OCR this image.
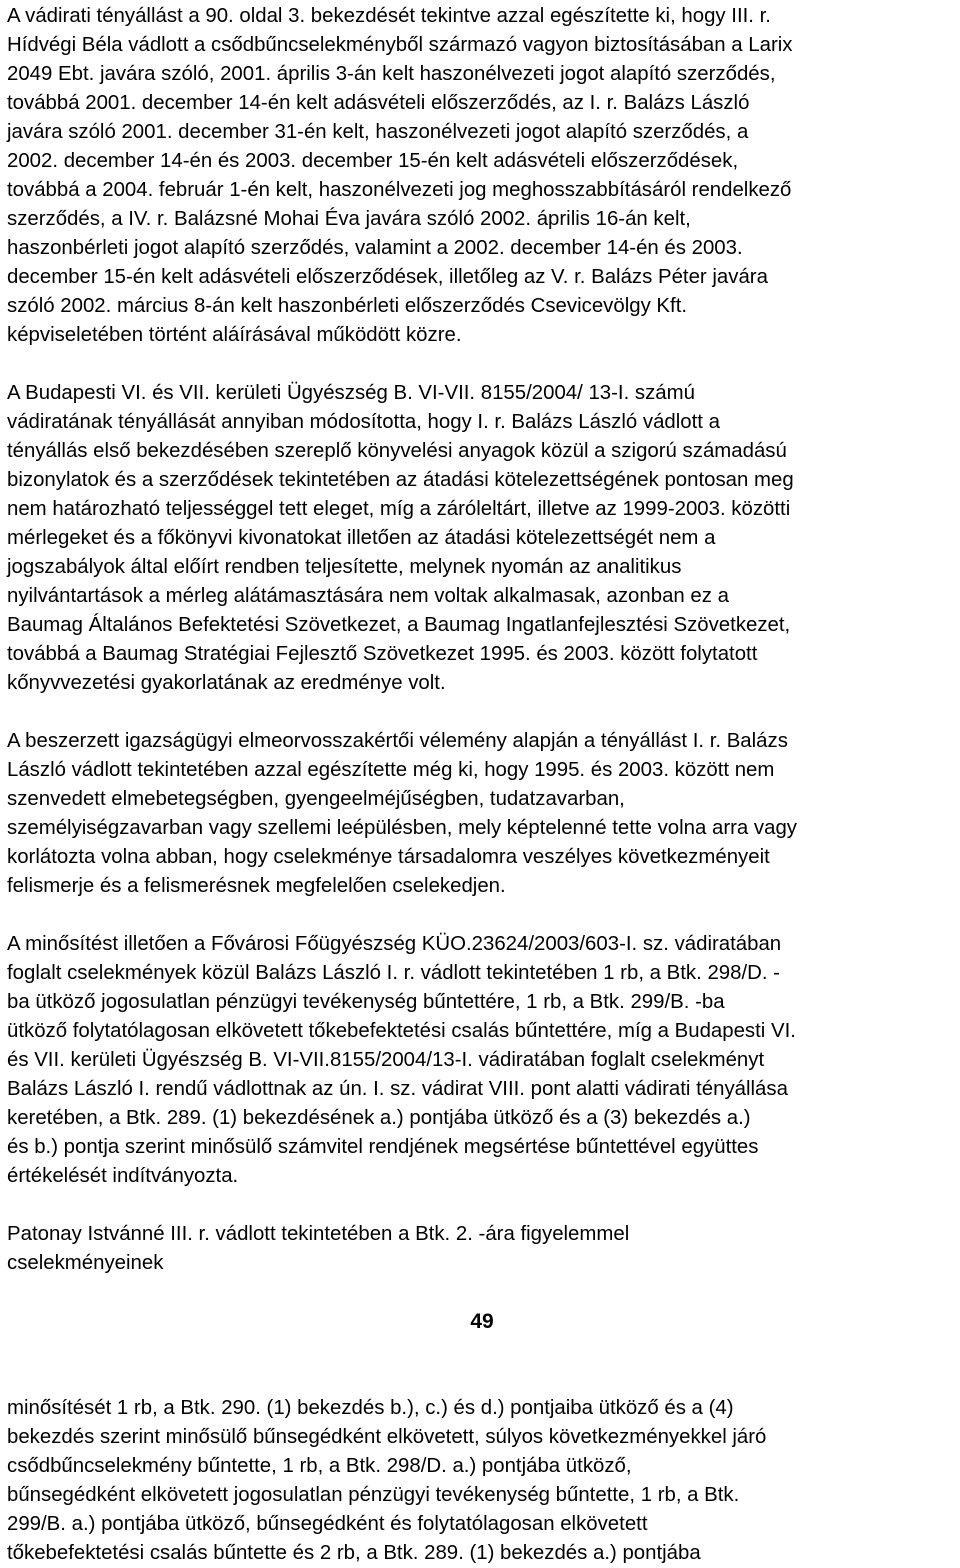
A vádirati tényállást a 90. oldal 3. bekezdését tekintve azzal egészítette ki, hogy III. r.
Hídvégi Béla vádlott a csődbűncselekményből származó vagyon biztosításában a Larix
2049 Ebt. javára szóló, 2001. április 3-án kelt haszonélvezeti jogot alapító szerződés,
továbbá 2001. december 14-én kelt adásvételi előszerződés, az I. r. Balázs László
javára szóló 2001. december 31-én kelt, haszonélvezeti jogot alapító szerződés, a
2002. december 14-én és 2003. december 15-én kelt adásvételi előszerződések,
továbbá a 2004. február 1-én kelt, haszonélvezeti jog meghosszabbításáról rendelkező
szerződés, a IV. r. Balázsné Mohai Éva javára szóló 2002. április 16-án kelt,
haszonbérleti jogot alapító szerződés, valamint a 2002. december 14-én és 2003.
december 15-én kelt adásvételi előszerződések, illetőleg az V. r. Balázs Péter javára
szóló 2002. március 8-án kelt haszonbérleti előszerződés Csevicevölgy Kft.
képviseletében történt aláírásával működött közre.
A Budapesti VI. és VII. kerületi Ügyészség B. VI-VII. 8155/2004/ 13-I. számú
vádiratának tényállását annyiban módosította, hogy I. r. Balázs László vádlott a
tényállás első bekezdésében szereplő könyvelési anyagok közül a szigorú számadású
bizonylatok és a szerződések tekintetében az átadási kötelezettségének pontosan meg
nem határozható teljességgel tett eleget, míg a záróleltárt, illetve az 1999-2003. közötti
mérlegeket és a főkönyvi kivonatokat illetően az átadási kötelezettségét nem a
jogszabályok által előírt rendben teljesítette, melynek nyomán az analitikus
nyilvántartások a mérleg alátámasztására nem voltak alkalmasak, azonban ez a
Baumag Általános Befektetési Szövetkezet, a Baumag Ingatlanfejlesztési Szövetkezet,
továbbá a Baumag Stratégiai Fejlesztő Szövetkezet 1995. és 2003. között folytatott
kőnyvvezetési gyakorlatának az eredménye volt.
A beszerzett igazságügyi elmeorvosszakértői vélemény alapján a tényállást I. r. Balázs
László vádlott tekintetében azzal egészítette még ki, hogy 1995. és 2003. között nem
szenvedett elmebetegségben, gyengeelméjűségben, tudatzavarban,
személyiségzavarban vagy szellemi leépülésben, mely képtelenné tette volna arra vagy
korlátozta volna abban, hogy cselekménye társadalomra veszélyes következményeit
felismerje és a felismerésnek megfelelően cselekedjen.
A minősítést illetően a Fővárosi Főügyészség KÜO.23624/2003/603-I. sz. vádiratában
foglalt cselekmények közül Balázs László I. r. vádlott tekintetében 1 rb, a Btk. 298/D. -
ba ütköző jogosulatlan pénzügyi tevékenység bűntettére, 1 rb, a Btk. 299/B. -ba
ütköző folytatólagosan elkövetett tőkebefektetési csalás bűntettére, míg a Budapesti VI.
és VII. kerületi Ügyészség B. VI-VII.8155/2004/13-I. vádiratában foglalt cselekményt
Balázs László I. rendű vádlottnak az ún. I. sz. vádirat VIII. pont alatti vádirati tényállása
keretében, a Btk. 289. (1) bekezdésének a.) pontjába ütköző és a (3) bekezdés a.)
és b.) pontja szerint minősülő számvitel rendjének megsértése bűntettével együttes
értékelését indítványozta.
Patonay Istvánné III. r. vádlott tekintetében a Btk. 2. -ára figyelemmel
cselekményeinek
49
minősítését 1 rb, a Btk. 290. (1) bekezdés b.), c.) és d.) pontjaiba ütköző és a (4)
bekezdés szerint minősülő bűnsegédként elkövetett, súlyos következményekkel járó
csődbűncselekmény bűntette, 1 rb, a Btk. 298/D. a.) pontjába ütköző,
bűnsegédként elkövetett jogosulatlan pénzügyi tevékenység bűntette, 1 rb, a Btk.
299/B. a.) pontjába ütköző, bűnsegédként és folytatólagosan elkövetett
tőkebefektetési csalás bűntette és 2 rb, a Btk. 289. (1) bekezdés a.) pontjába
